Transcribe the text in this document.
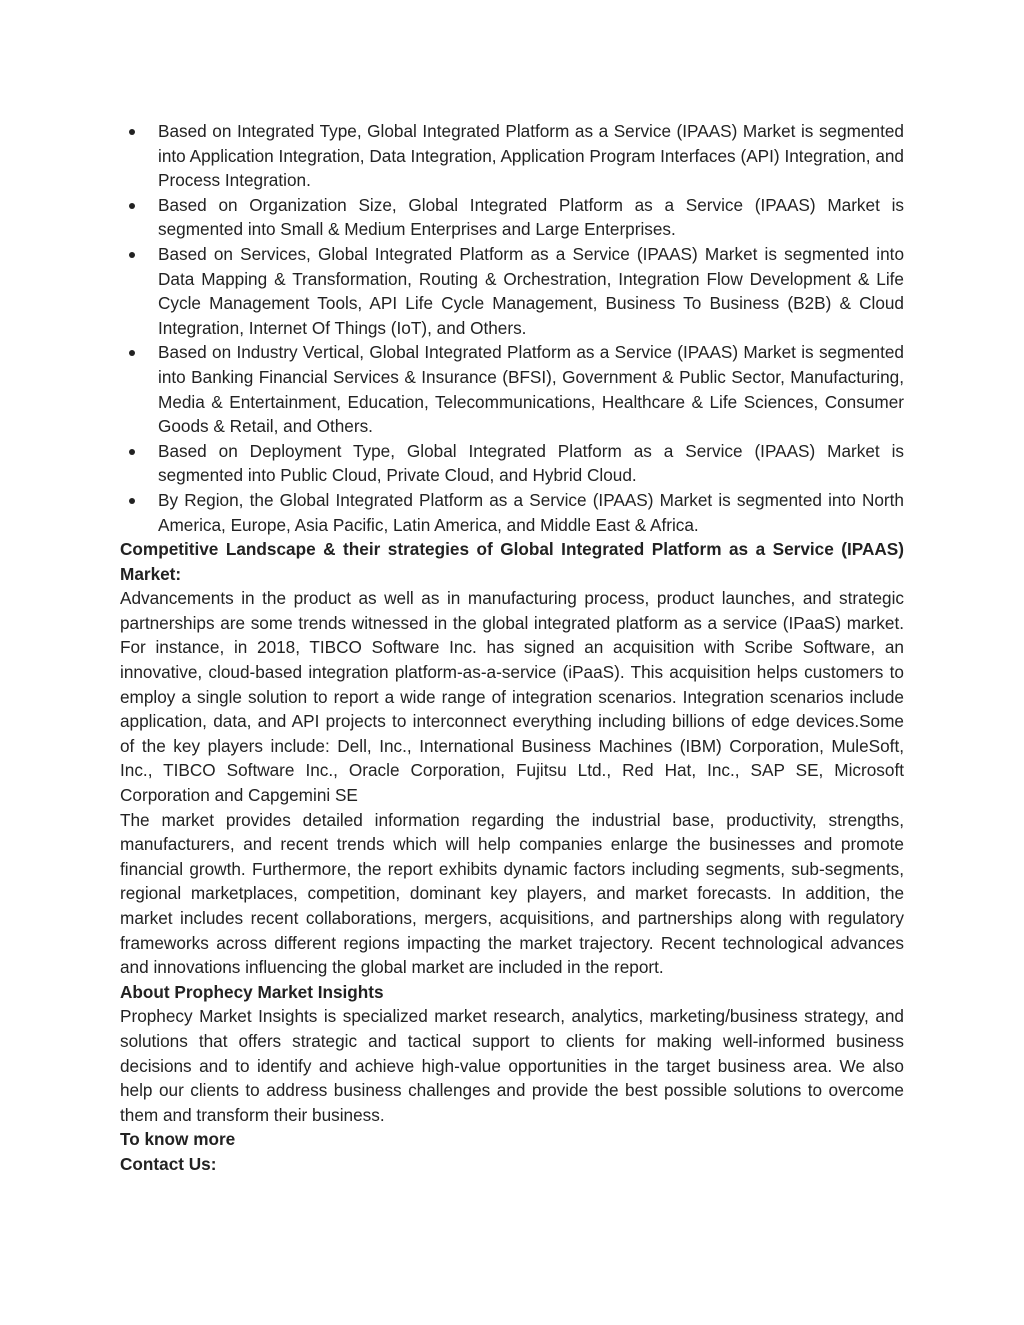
Based on Integrated Type, Global Integrated Platform as a Service (IPAAS) Market is segmented into Application Integration, Data Integration, Application Program Interfaces (API) Integration, and Process Integration.
Based on Organization Size, Global Integrated Platform as a Service (IPAAS) Market is segmented into Small & Medium Enterprises and Large Enterprises.
Based on Services, Global Integrated Platform as a Service (IPAAS) Market is segmented into Data Mapping & Transformation, Routing & Orchestration, Integration Flow Development & Life Cycle Management Tools, API Life Cycle Management, Business To Business (B2B) & Cloud Integration, Internet Of Things (IoT), and Others.
Based on Industry Vertical, Global Integrated Platform as a Service (IPAAS) Market is segmented into Banking Financial Services & Insurance (BFSI), Government & Public Sector, Manufacturing, Media & Entertainment, Education, Telecommunications, Healthcare & Life Sciences, Consumer Goods & Retail, and Others.
Based on Deployment Type, Global Integrated Platform as a Service (IPAAS) Market is segmented into Public Cloud, Private Cloud, and Hybrid Cloud.
By Region, the Global Integrated Platform as a Service (IPAAS) Market is segmented into North America, Europe, Asia Pacific, Latin America, and Middle East & Africa.

Competitive Landscape & their strategies of Global Integrated Platform as a Service (IPAAS) Market:

Advancements in the product as well as in manufacturing process, product launches, and strategic partnerships are some trends witnessed in the global integrated platform as a service (IPaaS) market. For instance, in 2018, TIBCO Software Inc. has signed an acquisition with Scribe Software, an innovative, cloud-based integration platform-as-a-service (iPaaS). This acquisition helps customers to employ a single solution to report a wide range of integration scenarios. Integration scenarios include application, data, and API projects to interconnect everything including billions of edge devices.Some of the key players include: Dell, Inc., International Business Machines (IBM) Corporation, MuleSoft, Inc., TIBCO Software Inc., Oracle Corporation, Fujitsu Ltd., Red Hat, Inc., SAP SE, Microsoft Corporation and Capgemini SE

The market provides detailed information regarding the industrial base, productivity, strengths, manufacturers, and recent trends which will help companies enlarge the businesses and promote financial growth. Furthermore, the report exhibits dynamic factors including segments, sub-segments, regional marketplaces, competition, dominant key players, and market forecasts. In addition, the market includes recent collaborations, mergers, acquisitions, and partnerships along with regulatory frameworks across different regions impacting the market trajectory. Recent technological advances and innovations influencing the global market are included in the report.

About Prophecy Market Insights

Prophecy Market Insights is specialized market research, analytics, marketing/business strategy, and solutions that offers strategic and tactical support to clients for making well-informed business decisions and to identify and achieve high-value opportunities in the target business area. We also help our clients to address business challenges and provide the best possible solutions to overcome them and transform their business.

To know more

Contact Us:
